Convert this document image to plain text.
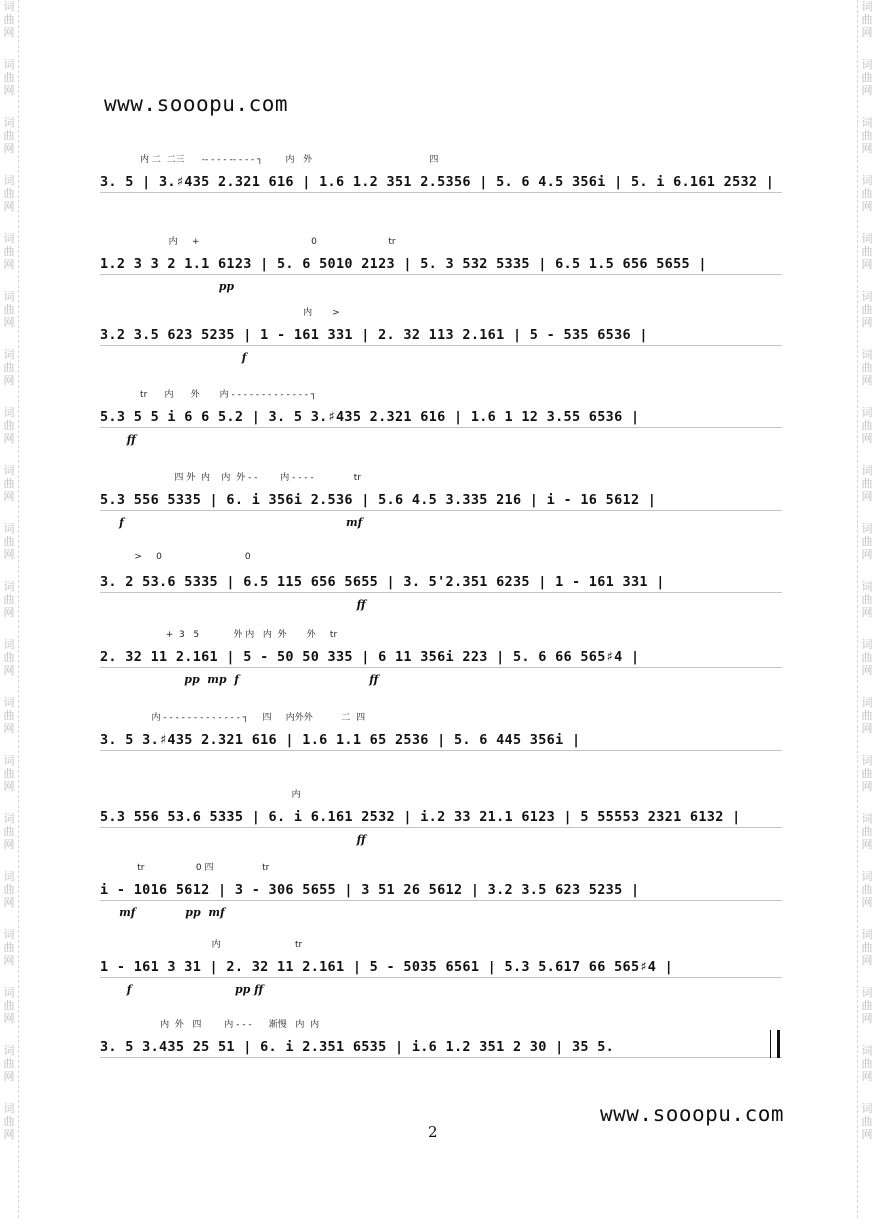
词
曲
网
词
曲
网
词
曲
网
词
曲
网
词
曲
网
词
曲
网
词
曲
网
词
曲
网
词
曲
网
词
曲
网
词
曲
网
词
曲
网
词
曲
网
词
曲
网
词
曲
网
词
曲
网
词
曲
网
词
曲
网
词
曲
网
词
曲
网
词
曲
网
词
曲
网
词
曲
网
词
曲
网
词
曲
网
词
曲
网
词
曲
网
词
曲
网
词
曲
网
词
曲
网
词
曲
网
词
曲
网
词
曲
网
词
曲
网
词
曲
网
词
曲
网
词
曲
网
词
曲
网
词
曲
网
词
曲
网
www.sooopu.com
内 二  二三      -- - - - -- - - - ┐        内   外                                         四
3. 5 | 3.♯435 2.321 616 | 1.6 1.2 351 2.5356 | 5. 6 4.5 356i | 5. i 6.161 2532 |
内     +                                       0                         tr
1.2 3 3 2 1.1 6123 | 5. 6 5010 2123 | 5. 3 532 5335 | 6.5 1.5 656 5655 |
pp
内       >
3.2 3.5 623 5235 | 1 - 161 331 | 2. 32 113 2.161 | 5 - 535 6536 |
f
tr      内      外       内 - - - - - - - - - - - - - ┐
5.3 5 5 i 6 6 5.2 | 3. 5 3.♯435 2.321 616 | 1.6 1 12 3.55 6536 |
ff
四 外  内    内  外 - -        内 - - - -              tr
5.3 556 5335 | 6. i 356i 2.536 | 5.6 4.5 3.335 216 | i - 16 5612 |
f                                                          mf
>     0                             0
3. 2 53.6 5335 | 6.5 115 656 5655 | 3. 5'2.351 6235 | 1 - 161 331 |
ff
+  3   5            外 内   内  外       外     tr
2. 32 11 2.161 | 5 - 50 50 335 | 6 11 356i 223 | 5. 6 66 565♯4 |
pp  mp  f                                  ff
内 - - - - - - - - - - - - - ┐     四     内外外          二  四
3. 5 3.♯435 2.321 616 | 1.6 1.1 65 2536 | 5. 6 445 356i |
内
5.3 556 53.6 5335 | 6. i 6.161 2532 | i.2 33 21.1 6123 | 5 55553 2321 6132 |
ff
tr                  0 四                 tr
i - 1016 5612 | 3 - 306 5655 | 3 51 26 5612 | 3.2 3.5 623 5235 |
mf             pp  mf
内                          tr
1 - 161 3 31 | 2. 32 11 2.161 | 5 - 5035 6561 | 5.3 5.617 66 565♯4 |
f                           pp ff
内  外   四        内 - - -      渐慢   内  内
3. 5 3.435 25 51 | 6. i 2.351 6535 | i.6 1.2 351 2 30 | 35 5.
www.sooopu.com
2
